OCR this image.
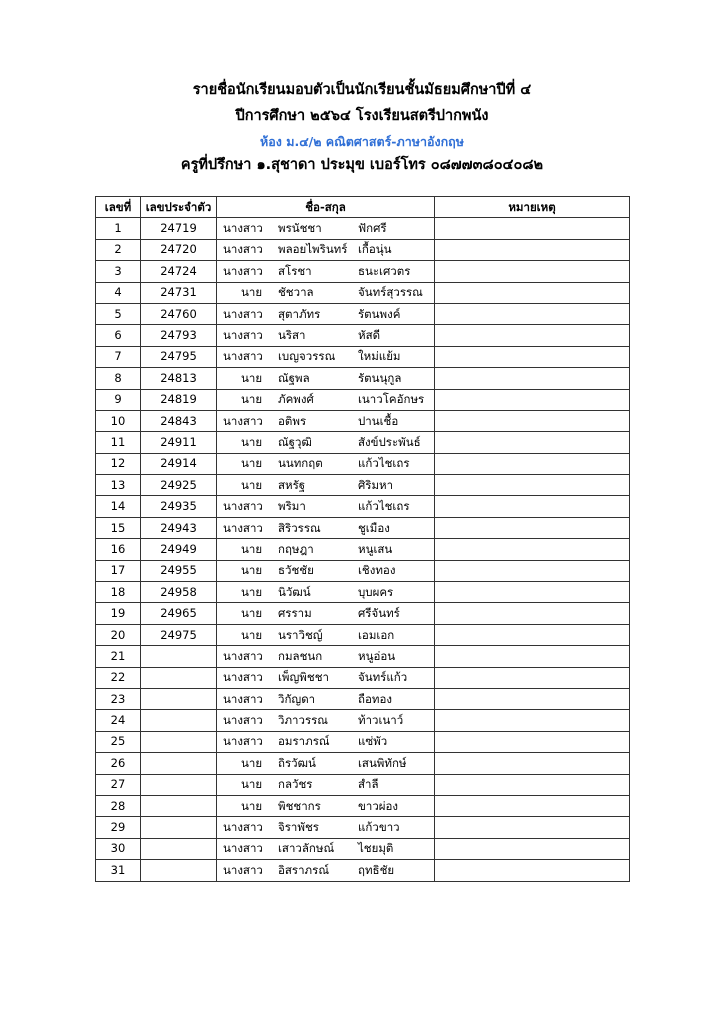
รายชื่อนักเรียนมอบตัวเป็นนักเรียนชั้นมัธยมศึกษาปีที่ ๔
ปีการศึกษา ๒๕๖๔ โรงเรียนสตรีปากพนัง
ห้อง ม.๔/๒ คณิตศาสตร์-ภาษาอังกฤษ
ครูที่ปรึกษา ๑.สุชาดา ประมุข เบอร์โทร ๐๘๗๗๓๘๐๔๐๘๒
เลขที่	เลขประจำตัว	ชื่อ-สกุล	หมายเหตุ
1	24719	นางสาว พรนัชชา ฟักศรี	

2	24720	นางสาว พลอยไพรินทร์ เกื้อนุ่น	

3	24724	นางสาว สโรชา ธนะเศวตร	

4	24731	นาย ชัชวาล จันทร์สุวรรณ	

5	24760	นางสาว สุตาภัทร รัตนพงค์	

6	24793	นางสาว นริสา หัสดี	

7	24795	นางสาว เบญจวรรณ ใหม่แย้ม	

8	24813	นาย ณัฐพล รัตนนุกูล	

9	24819	นาย ภัคพงศ์ เนาวโคอักษร	

10	24843	นางสาว อติพร ปานเชื้อ	

11	24911	นาย ณัฐวุฒิ สังข์ประพันธ์	

12	24914	นาย นนทกฤต แก้วไชเถร	

13	24925	นาย สหรัฐ ศิริมหา	

14	24935	นางสาว พริมา แก้วไชเถร	

15	24943	นางสาว สิริวรรณ ชูเมือง	

16	24949	นาย กฤษฎา หนูเสน	

17	24955	นาย ธวัชชัย เชิงทอง	

18	24958	นาย นิวัฒน์ บุบผคร	

19	24965	นาย ศรราม ศรีจันทร์	

20	24975	นาย นราวิชญ์ เอมเอก	

21		นางสาว กมลชนก หนูอ่อน	

22		นางสาว เพ็ญพิชชา จันทร์แก้ว	

23		นางสาว วิกัญดา ถือทอง	

24		นางสาว วิภาวรรณ ท้าวเนาว์	

25		นางสาว อมราภรณ์ แซ่พัว	

26		นาย ถิรวัฒน์ เสนพิทักษ์	

27		นาย กลวัชร สำลี	

28		นาย พิชชากร ขาวผ่อง	

29		นางสาว จิราพัชร แก้วขาว	

30		นางสาว เสาวลักษณ์ ไชยมุติ	

31		นางสาว อิสราภรณ์ ฤทธิชัย	
